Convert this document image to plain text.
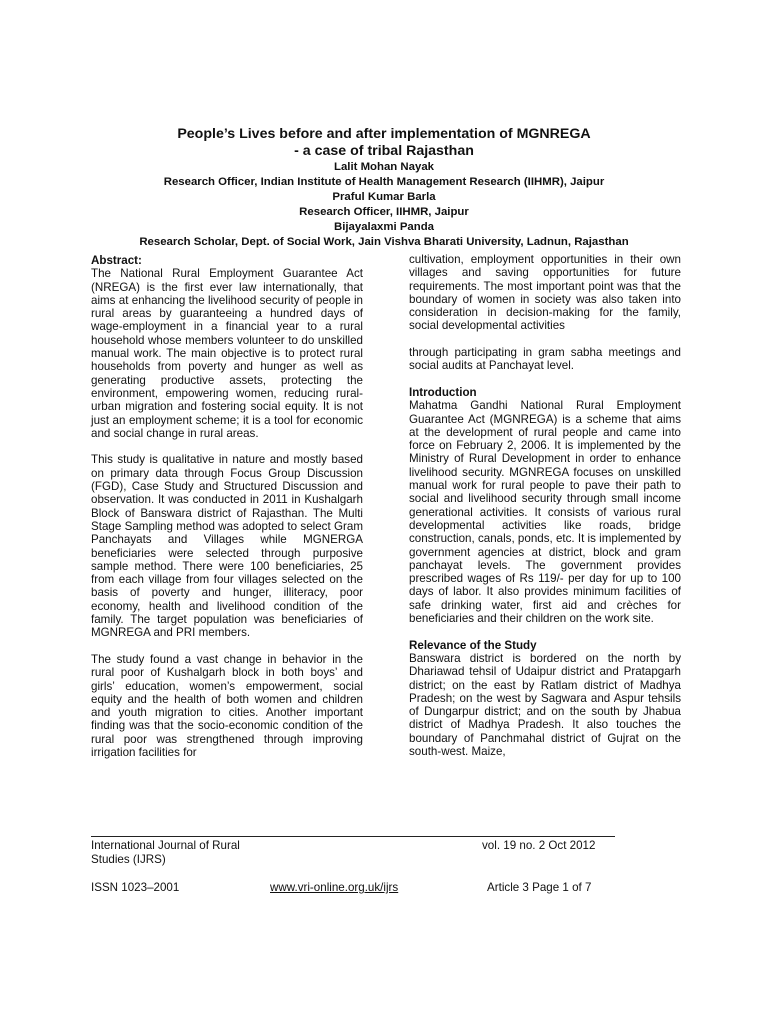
People’s Lives before and after implementation of MGNREGA
- a case of tribal Rajasthan
Lalit Mohan Nayak
Research Officer, Indian Institute of Health Management Research (IIHMR), Jaipur
Praful Kumar Barla
Research Officer, IIHMR, Jaipur
Bijayalaxmi Panda
Research Scholar, Dept. of Social Work, Jain Vishva Bharati University, Ladnun, Rajasthan
Abstract:

The National Rural Employment Guarantee Act (NREGA) is the first ever law internationally, that aims at enhancing the livelihood security of people in rural areas by guaranteeing a hundred days of wage-employment in a financial year to a rural household whose members volunteer to do unskilled manual work. The main objective is to protect rural households from poverty and hunger as well as generating productive assets, protecting the environment, empowering women, reducing rural-urban migration and fostering social equity. It is not just an employment scheme; it is a tool for economic and social change in rural areas.

This study is qualitative in nature and mostly based on primary data through Focus Group Discussion (FGD), Case Study and Structured Discussion and observation. It was conducted in 2011 in Kushalgarh Block of Banswara district of Rajasthan. The Multi Stage Sampling method was adopted to select Gram Panchayats and Villages while MGNERGA beneficiaries were selected through purposive sample method. There were 100 beneficiaries, 25 from each village from four villages selected on the basis of poverty and hunger, illiteracy, poor economy, health and livelihood condition of the family. The target population was beneficiaries of MGNREGA and PRI members.

The study found a vast change in behavior in the rural poor of Kushalgarh block in both boys’ and girls’ education, women’s empowerment, social equity and the health of both women and children and youth migration to cities. Another important finding was that the socio-economic condition of the rural poor was strengthened through improving irrigation facilities for

cultivation, employment opportunities in their own villages and saving opportunities for future requirements. The most important point was that the boundary of women in society was also taken into consideration in decision-making for the family, social developmental activities

through participating in gram sabha meetings and social audits at Panchayat level.

Introduction

Mahatma Gandhi National Rural Employment Guarantee Act (MGNREGA) is a scheme that aims at the development of rural people and came into force on February 2, 2006. It is implemented by the Ministry of Rural Development in order to enhance livelihood security. MGNREGA focuses on unskilled manual work for rural people to pave their path to social and livelihood security through small income generational activities. It consists of various rural developmental activities like roads, bridge construction, canals, ponds, etc. It is implemented by government agencies at district, block and gram panchayat levels. The government provides prescribed wages of Rs 119/- per day for up to 100 days of labor. It also provides minimum facilities of safe drinking water, first aid and crèches for beneficiaries and their children on the work site.

Relevance of the Study

Banswara district is bordered on the north by Dhariawad tehsil of Udaipur district and Pratapgarh district; on the east by Ratlam district of Madhya Pradesh; on the west by Sagwara and Aspur tehsils of Dungarpur district; and on the south by Jhabua district of Madhya Pradesh. It also touches the boundary of Panchmahal district of Gujrat on the south-west. Maize,

International Journal of Rural
Studies (IJRS)
vol. 19 no. 2 Oct 2012
ISSN 1023–2001	www.vri-online.org.uk/ijrs	Article 3 Page 1 of 7
